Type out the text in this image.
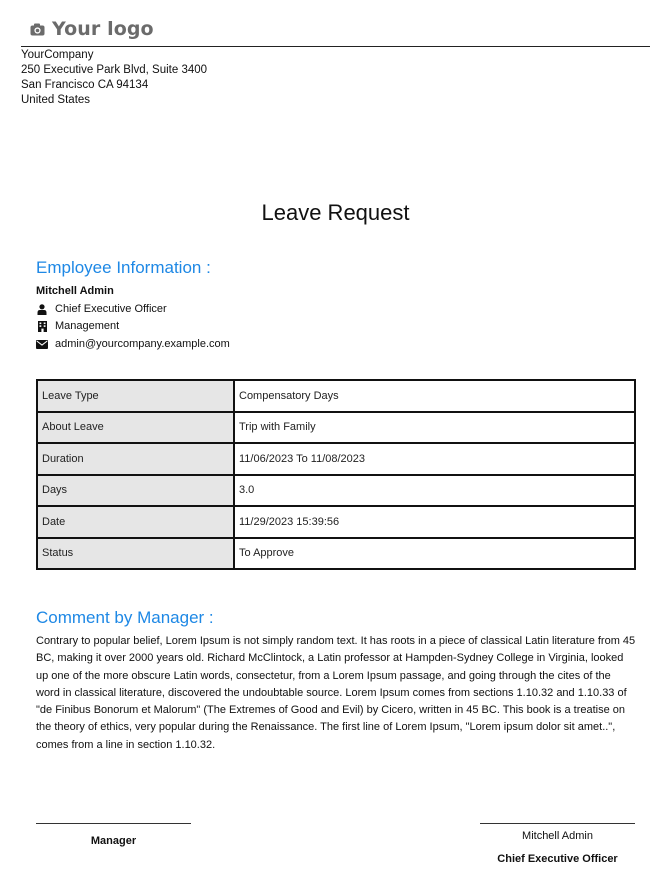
Your logo
YourCompany
250 Executive Park Blvd, Suite 3400
San Francisco CA 94134
United States
Leave Request
Employee Information :
Mitchell Admin
Chief Executive Officer
Management
admin@yourcompany.example.com
Leave Type	Compensatory Days
About Leave	Trip with Family
Duration	11/06/2023 To 11/08/2023
Days	3.0
Date	11/29/2023 15:39:56
Status	To Approve
Comment by Manager :
Contrary to popular belief, Lorem Ipsum is not simply random text. It has roots in a piece of classical Latin literature from 45 BC, making it over 2000 years old. Richard McClintock, a Latin professor at Hampden-Sydney College in Virginia, looked up one of the more obscure Latin words, consectetur, from a Lorem Ipsum passage, and going through the cites of the word in classical literature, discovered the undoubtable source. Lorem Ipsum comes from sections 1.10.32 and 1.10.33 of "de Finibus Bonorum et Malorum" (The Extremes of Good and Evil) by Cicero, written in 45 BC. This book is a treatise on the theory of ethics, very popular during the Renaissance. The first line of Lorem Ipsum, "Lorem ipsum dolor sit amet..", comes from a line in section 1.10.32.
Manager	Mitchell Admin
Chief Executive Officer
